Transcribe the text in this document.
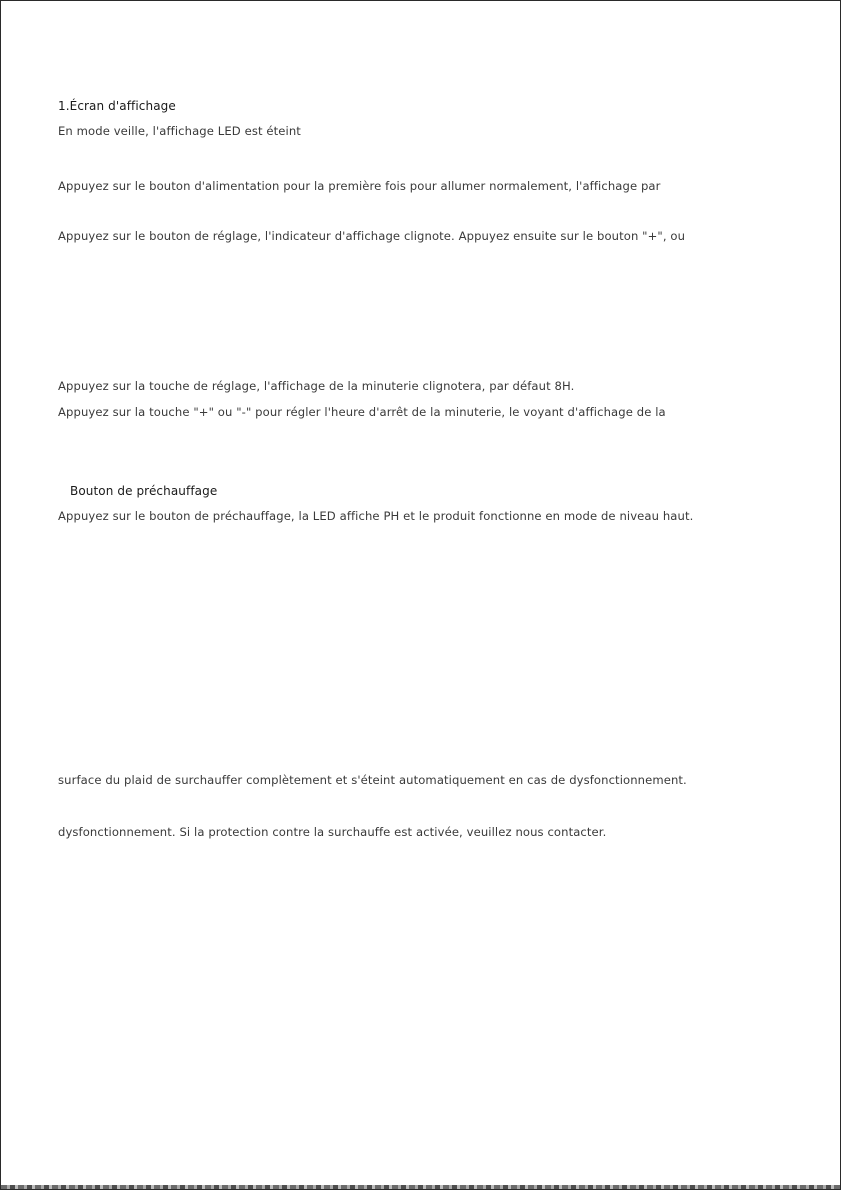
1.Écran d'affichage
En mode veille, l'affichage LED est éteint
Appuyez sur le bouton d'alimentation pour la première fois pour allumer normalement, l'affichage par
Appuyez sur le bouton de réglage, l'indicateur d'affichage clignote. Appuyez ensuite sur le bouton "+", ou
Appuyez sur la touche de réglage, l'affichage de la minuterie clignotera, par défaut 8H.
Appuyez sur la touche "+" ou "-" pour régler l'heure d'arrêt de la minuterie, le voyant d'affichage de la
Bouton de préchauffage
Appuyez sur le bouton de préchauffage, la LED affiche PH et le produit fonctionne en mode de niveau haut.
surface du plaid de surchauffer complètement et s'éteint automatiquement en cas de dysfonctionnement.
dysfonctionnement. Si la protection contre la surchauffe est activée, veuillez nous contacter.
